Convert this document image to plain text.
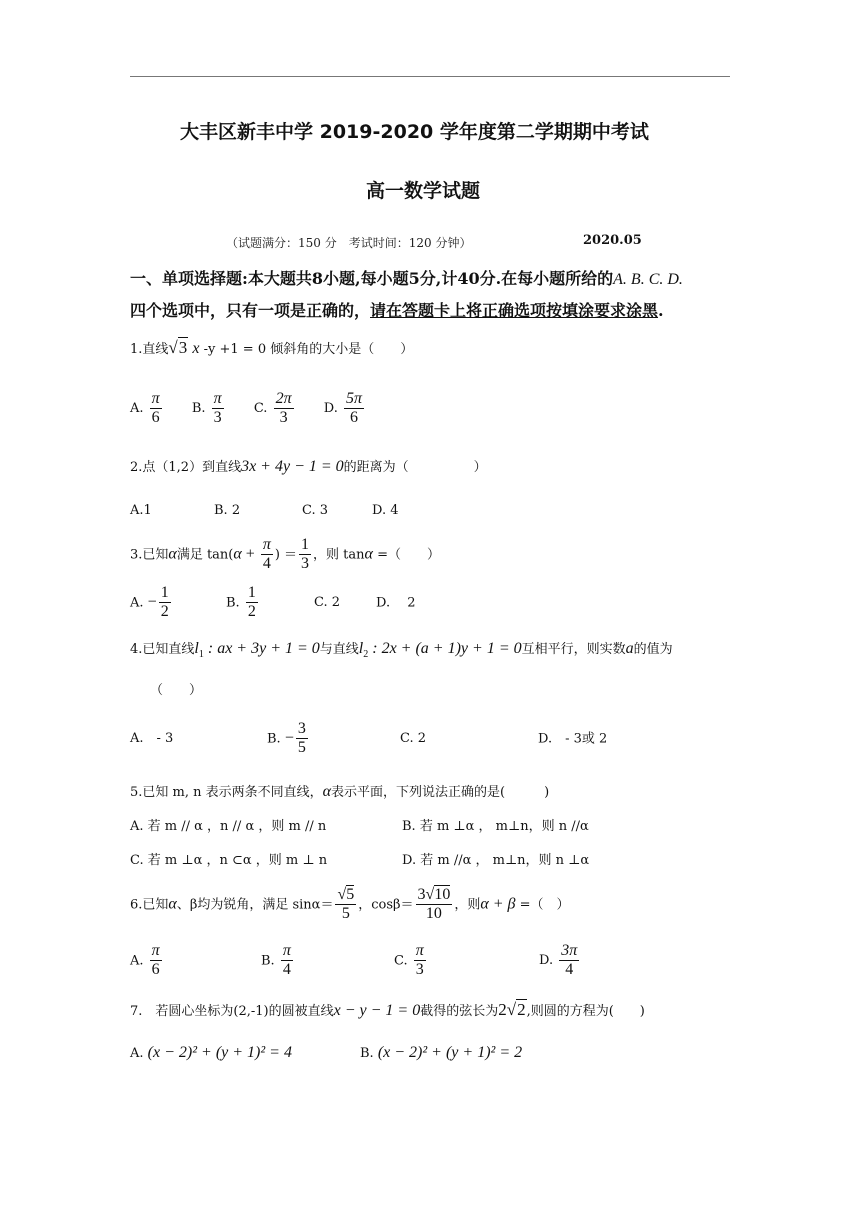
大丰区新丰中学 2019-2020 学年度第二学期期中考试
高一数学试题
（试题满分：150 分　考试时间：120 分钟）	2020.05
一、单项选择题:本大题共8小题,每小题5分,计40分.在每小题所给的A. B. C. D.
四个选项中，只有一项是正确的，请在答题卡上将正确选项按填涂要求涂黑.
1.直线√3 x -y +1 = 0 倾斜角的大小是（　　）
A. $\frac{\pi}{6} B$. $\frac{\pi}{3} C$. $\frac{2\pi}{3} D$. $\frac{5\pi}{6}$
2.点（1,2）到直线3x + 4y − 1 = 0的距离为（　　　　　）
A.1	B. 2	C. 3	D. 4
3.已知α满足 $\tan(\alpha + \frac{\pi}{4}$ ) ＝ $\frac{1}{3}$ ，则 tanα =（　　）
A. − $\frac{1}{2}$	B. $\frac{1}{2}$	C. 2	D.　 2
4.已知直线$l_1$ : ax + 3y + 1 = 0与直线$l_2$ : 2x + (a + 1)y + 1 = 0互相平行，则实数a的值为
（　　）
A.　- 3	B. − $\frac{3}{5}$	C. 2	D.　- 3或 2
5.已知 m, n 表示两条不同直线，α表示平面，下列说法正确的是(　　　)
A. 若 m // α ，n // α ，则 m // n	B. 若 m ⊥α ， m⊥n，则 n //α
C. 若 m ⊥α ，n ⊂α ，则 m ⊥ n	D. 若 m //α ， m⊥n，则 n ⊥α
6.已知α、β均为锐角，满足 $\sin\alpha= \frac{√5}{5}$ ，$\cos\beta= \frac{3√10}{10}$ ，则α + β =（　）
A. $\frac{\pi}{6}$	B. $\frac{\pi}{4}$	C. $\frac{\pi}{3}$	D. $\frac{3\pi}{4}$
7.　若圆心坐标为(2,-1)的圆被直线x − y − 1 = 0截得的弦长为2√2,则圆的方程为(　　)
A. (x − 2)² + (y + 1)² = 4	B. (x − 2)² + (y + 1)² = 2
